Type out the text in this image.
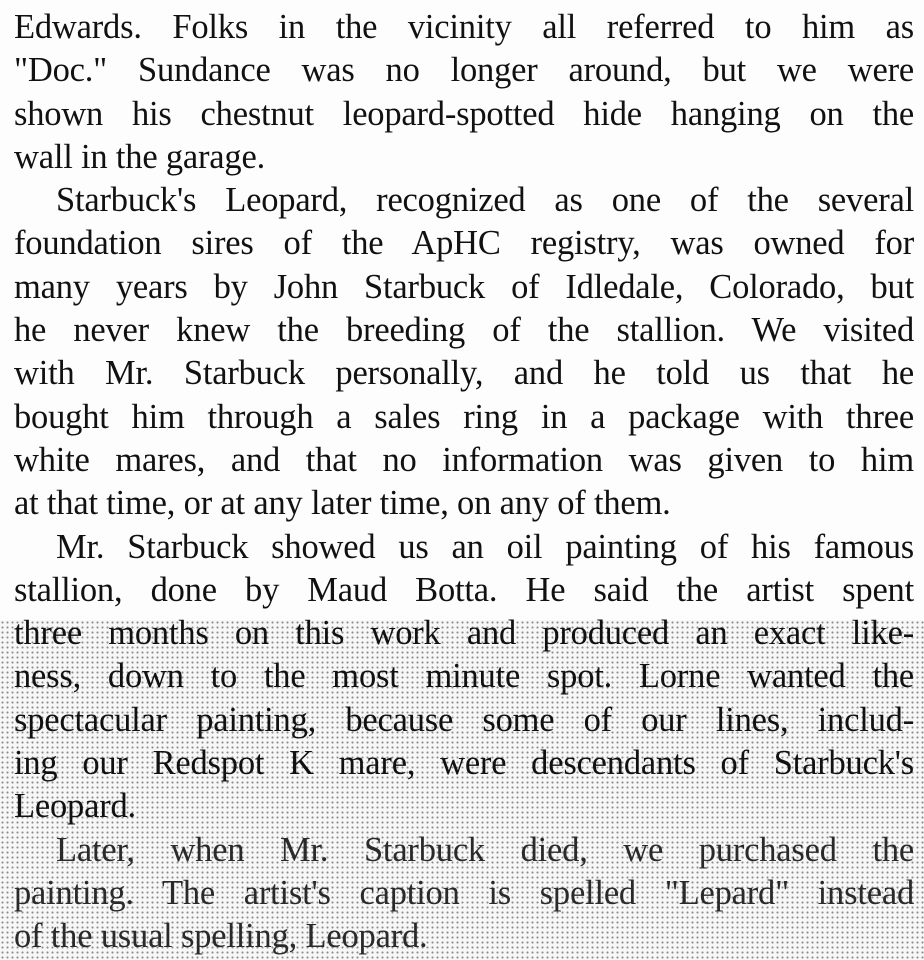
Edwards. Folks in the vicinity all referred to him as
"Doc." Sundance was no longer around, but we were
shown his chestnut leopard-spotted hide hanging on the
wall in the garage.
Starbuck's Leopard, recognized as one of the several
foundation sires of the ApHC registry, was owned for
many years by John Starbuck of Idledale, Colorado, but
he never knew the breeding of the stallion. We visited
with Mr. Starbuck personally, and he told us that he
bought him through a sales ring in a package with three
white mares, and that no information was given to him
at that time, or at any later time, on any of them.
Mr. Starbuck showed us an oil painting of his famous
stallion, done by Maud Botta. He said the artist spent
three months on this work and produced an exact like-
ness, down to the most minute spot. Lorne wanted the
spectacular painting, because some of our lines, includ-
ing our Redspot K mare, were descendants of Starbuck's
Leopard.
Later, when Mr. Starbuck died, we purchased the
painting. The artist's caption is spelled "Lepard" instead
of the usual spelling, Leopard.
